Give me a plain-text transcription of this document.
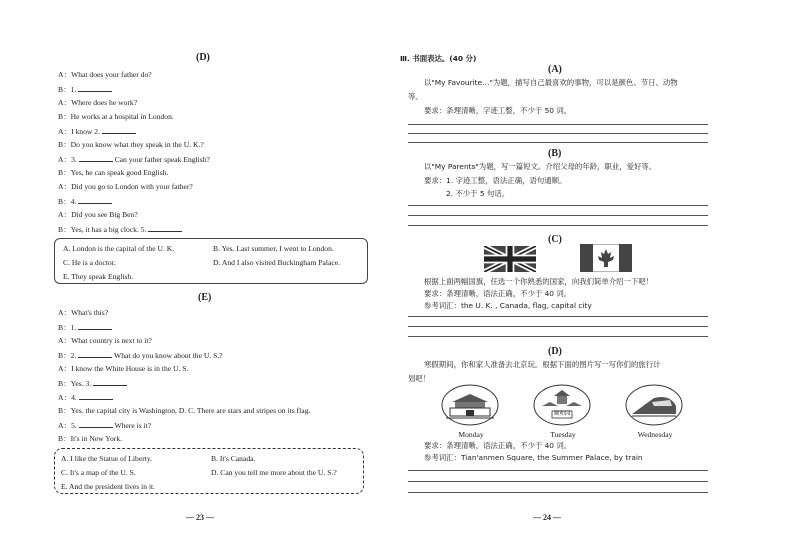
(D)
A：What does your father do?
B：1.
A：Where does he work?
B：He works at a hospital in London.
A：I know 2.
B：Do you know what they speak in the U. K.?
A：3.	Can your father speak English?
B：Yes, he can speak good English.
A：Did you go to London with your father?
B：4.
A：Did you see Big Ben?
B：Yes, it has a big clock. 5.
A. London is the capital of the U. K.	B. Yes. Last summer, I went to London.
C. He is a doctor.	D. And I also visited Buckingham Palace.
E. They speak English.
(E)
A：What's this?
B：1.
A：What country is next to it?
B：2.	What do you know about the U. S.?
A：I know the White House is in the U. S.
B：Yes. 3.
A：4.
B：Yes. the capital city is Washington, D. C. There are stars and stripes on its flag.
A：5.	Where is it?
B：It's in New York.
A. I like the Statue of Liberty.	B. It's Canada.
C. It's a map of the U. S.	D. Can you tell me more about the U. S.?
E. And the president lives in it.
— 23 —
Ⅲ. 书面表达。(40 分)
(A)
以"My Favourite…"为题，描写自己最喜欢的事物，可以是颜色、节日、动物
等。
要求：条理清晰，字迹工整，不少于 50 词。
(B)
以"My Parents"为题，写一篇短文。介绍父母的年龄，职业，爱好等。
要求：1. 字迹工整，语法正确，语句通顺。
2. 不少于 5 句话。
(C)
根据上面两幅国旗，任选一个你熟悉的国家，向我们简单介绍一下吧！
要求：条理清晰，语法正确，不少于 40 词。
参考词汇：the U. K. , Canada, flag, capital city
(D)
寒假期间，你和家人准备去北京玩。根据下面的图片写一写你们的旅行计
划吧！
颐和园
Monday	Tuesday	Wednesday
要求：条理清晰，语法正确，不少于 40 词。
参考词汇：Tian'anmen Square, the Summer Palace, by train
— 24 —
